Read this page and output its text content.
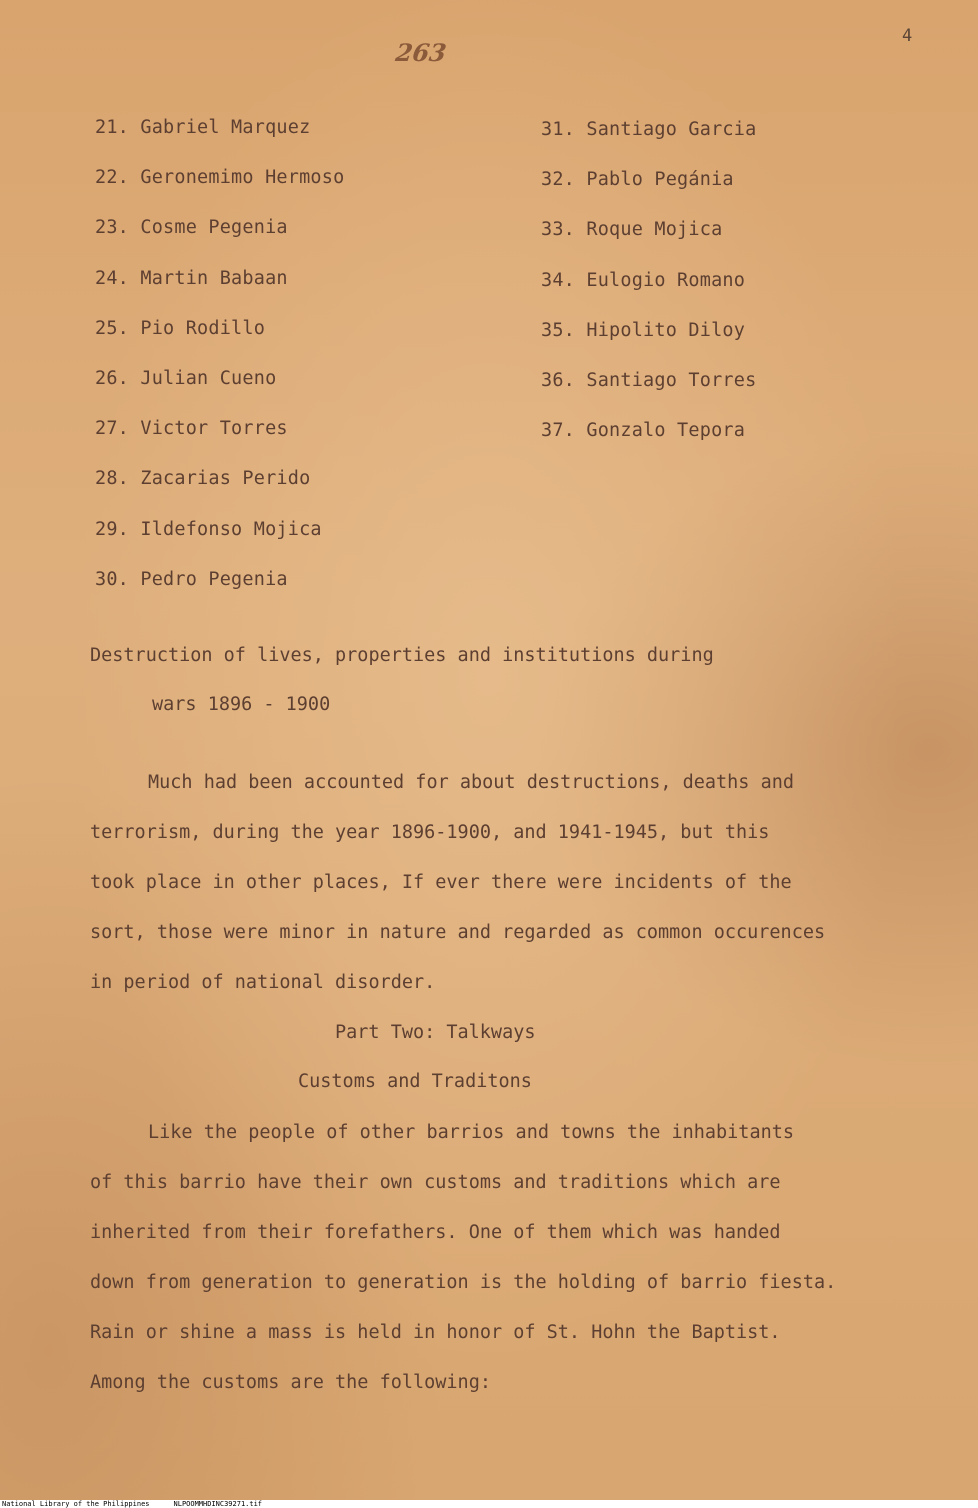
263
4
21. Gabriel Marquez
22. Geronemimo Hermoso
23. Cosme Pegenia
24. Martin Babaan
25. Pio Rodillo
26. Julian Cueno
27. Victor Torres
28. Zacarias Perido
29. Ildefonso Mojica
30. Pedro Pegenia
31. Santiago Garcia
32. Pablo Pegánia
33. Roque Mojica
34. Eulogio Romano
35. Hipolito Diloy
36. Santiago Torres
37. Gonzalo Tepora
Destruction of lives, properties and institutions during
wars 1896 - 1900
Much had been accounted for about destructions, deaths and
terrorism, during the year 1896-1900, and 1941-1945, but this
took place in other places, If ever there were incidents of the
sort, those were minor in nature and regarded as common occurences
in period of national disorder.
Part Two: Talkways
Customs and Traditons
Like the people of other barrios and towns the inhabitants
of this barrio have their own customs and traditions which are
inherited from their forefathers. One of them which was handed
down from generation to generation is the holding of barrio fiesta.
Rain or shine a mass is held in honor of St. Hohn the Baptist.
Among the customs are the following:
National Library of the Philippines	NLPOOMMHDINC39271.tif
